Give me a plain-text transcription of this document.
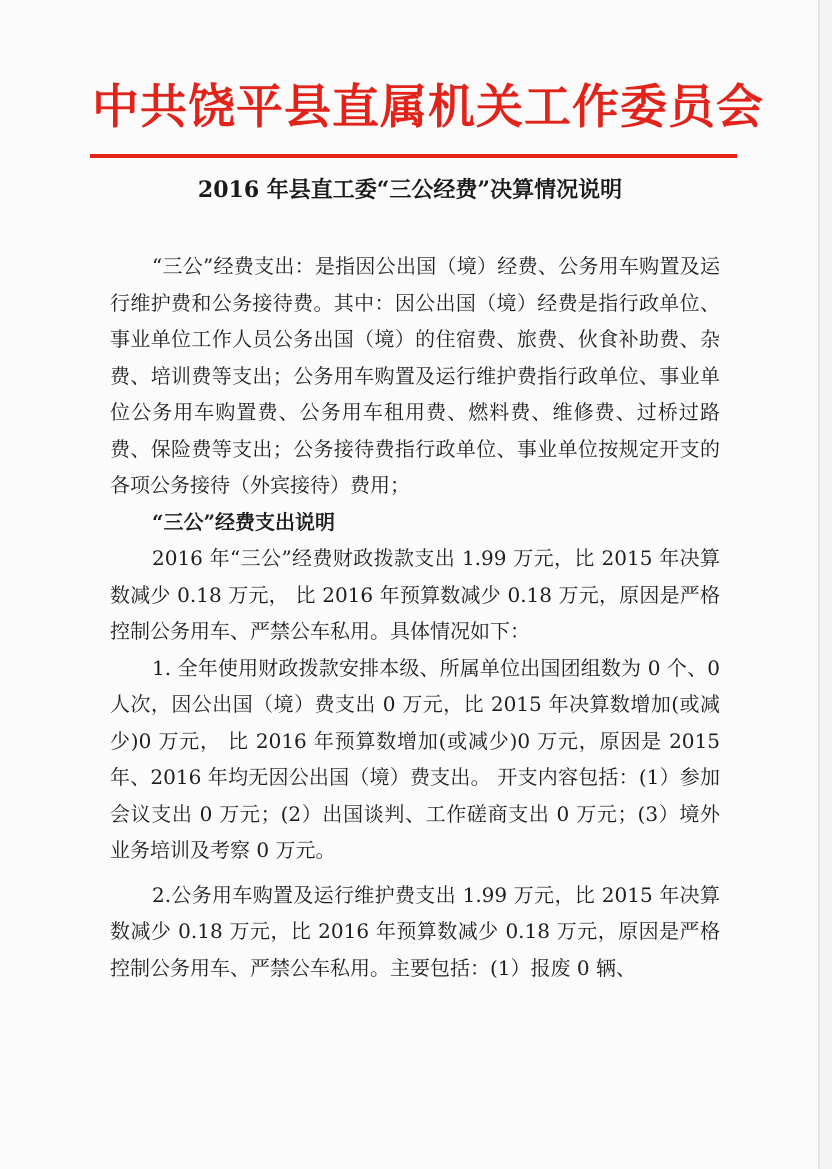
中共饶平县直属机关工作委员会
2016 年县直工委“三公经费”决算情况说明

“三公”经费支出：是指因公出国（境）经费、公务用车购置及运行维护费和公务接待费。其中：因公出国（境）经费是指行政单位、事业单位工作人员公务出国（境）的住宿费、旅费、伙食补助费、杂费、培训费等支出；公务用车购置及运行维护费指行政单位、事业单位公务用车购置费、公务用车租用费、燃料费、维修费、过桥过路费、保险费等支出；公务接待费指行政单位、事业单位按规定开支的各项公务接待（外宾接待）费用；

“三公”经费支出说明

2016 年“三公”经费财政拨款支出 1.99 万元，比 2015 年决算数减少 0.18 万元， 比 2016 年预算数减少 0.18 万元，原因是严格控制公务用车、严禁公车私用。具体情况如下：

1. 全年使用财政拨款安排本级、所属单位出国团组数为 0 个、0 人次，因公出国（境）费支出 0 万元，比 2015 年决算数增加(或减少)0 万元， 比 2016 年预算数增加(或减少)0 万元，原因是 2015 年、2016 年均无因公出国（境）费支出。 开支内容包括：(1）参加会议支出 0 万元；(2）出国谈判、工作磋商支出 0 万元；(3）境外业务培训及考察 0 万元。

2.公务用车购置及运行维护费支出 1.99 万元，比 2015 年决算数减少 0.18 万元，比 2016 年预算数减少 0.18 万元，原因是严格控制公务用车、严禁公车私用。主要包括：(1）报废 0 辆、
